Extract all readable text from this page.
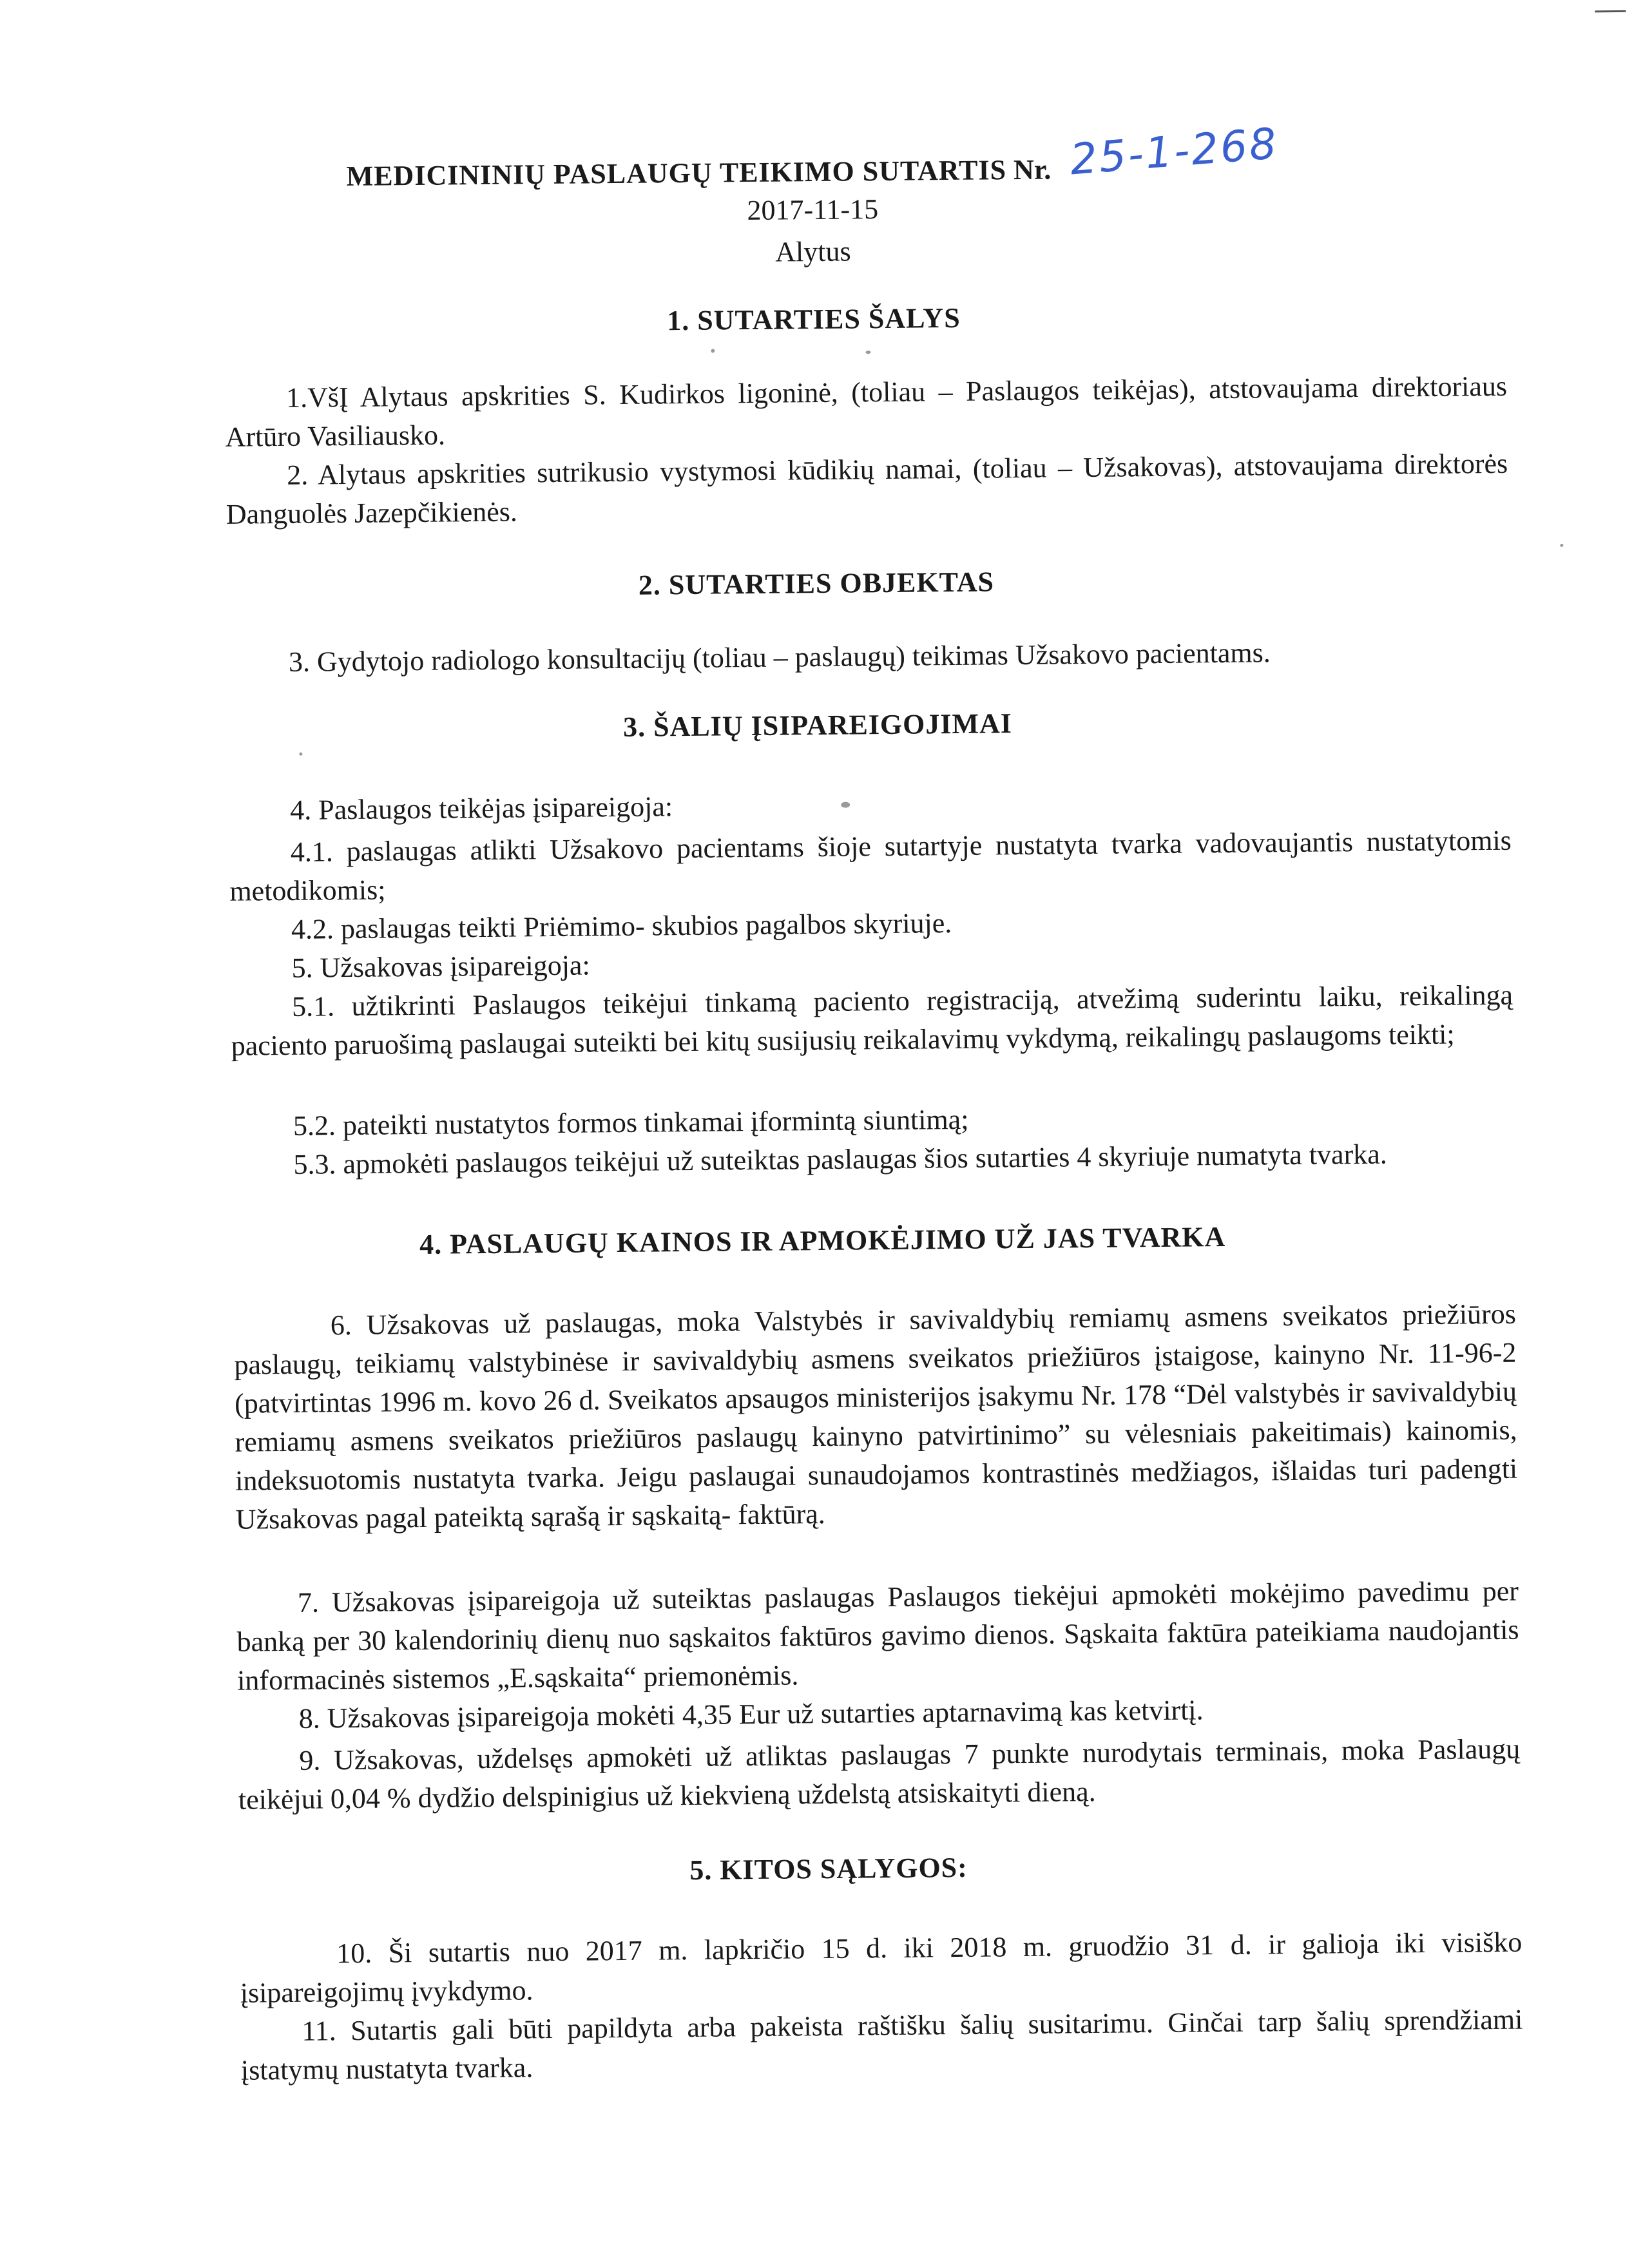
MEDICININIŲ PASLAUGŲ TEIKIMO SUTARTIS Nr. 25-1-268
2017-11-15
Alytus
1. SUTARTIES ŠALYS
1.VšĮ Alytaus apskrities S. Kudirkos ligoninė, (toliau – Paslaugos teikėjas), atstovaujama direktoriaus Artūro Vasiliausko.
2. Alytaus apskrities sutrikusio vystymosi kūdikių namai, (toliau – Užsakovas), atstovaujama direktorės Danguolės Jazepčikienės.
2. SUTARTIES OBJEKTAS
3. Gydytojo radiologo konsultacijų (toliau – paslaugų) teikimas Užsakovo pacientams.
3. ŠALIŲ ĮSIPAREIGOJIMAI
4. Paslaugos teikėjas įsipareigoja:
4.1. paslaugas atlikti Užsakovo pacientams šioje sutartyje nustatyta tvarka vadovaujantis nustatytomis metodikomis;
4.2. paslaugas teikti Priėmimo- skubios pagalbos skyriuje.
5. Užsakovas įsipareigoja:
5.1. užtikrinti Paslaugos teikėjui tinkamą paciento registraciją, atvežimą suderintu laiku, reikalingą paciento paruošimą paslaugai suteikti bei kitų susijusių reikalavimų vykdymą, reikalingų paslaugoms teikti;
5.2. pateikti nustatytos formos tinkamai įformintą siuntimą;
5.3. apmokėti paslaugos teikėjui už suteiktas paslaugas šios sutarties 4 skyriuje numatyta tvarka.
4. PASLAUGŲ KAINOS IR APMOKĖJIMO UŽ JAS TVARKA
6. Užsakovas už paslaugas, moka Valstybės ir savivaldybių remiamų asmens sveikatos priežiūros paslaugų, teikiamų valstybinėse ir savivaldybių asmens sveikatos priežiūros įstaigose, kainyno Nr. 11-96-2 (patvirtintas 1996 m. kovo 26 d. Sveikatos apsaugos ministerijos įsakymu Nr. 178 “Dėl valstybės ir savivaldybių remiamų asmens sveikatos priežiūros paslaugų kainyno patvirtinimo” su vėlesniais pakeitimais) kainomis, indeksuotomis nustatyta tvarka. Jeigu paslaugai sunaudojamos kontrastinės medžiagos, išlaidas turi padengti Užsakovas pagal pateiktą sąrašą ir sąskaitą- faktūrą.
7. Užsakovas įsipareigoja už suteiktas paslaugas Paslaugos tiekėjui apmokėti mokėjimo pavedimu per banką per 30 kalendorinių dienų nuo sąskaitos faktūros gavimo dienos. Sąskaita faktūra pateikiama naudojantis informacinės sistemos „E.sąskaita“ priemonėmis.
8. Užsakovas įsipareigoja mokėti 4,35 Eur už sutarties aptarnavimą kas ketvirtį.
9. Užsakovas, uždelsęs apmokėti už atliktas paslaugas 7 punkte nurodytais terminais, moka Paslaugų teikėjui 0,04 % dydžio delspinigius už kiekvieną uždelstą atsiskaityti dieną.
5. KITOS SĄLYGOS:
10. Ši sutartis nuo 2017 m. lapkričio 15 d. iki 2018 m. gruodžio 31 d. ir galioja iki visiško įsipareigojimų įvykdymo.
11. Sutartis gali būti papildyta arba pakeista raštišku šalių susitarimu. Ginčai tarp šalių sprendžiami įstatymų nustatyta tvarka.
